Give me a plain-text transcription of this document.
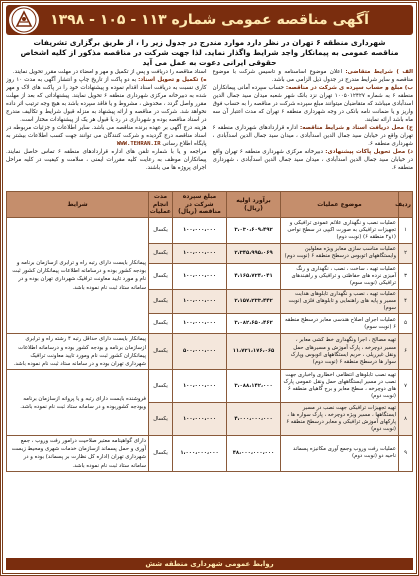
آگهی مناقصه عمومی شماره ۱۱۳ - ۱۰۵ - ۱۳۹۸
شهرداری منطقه ۶ تهران در نظر دارد موارد مندرج در جدول زیر را ، از طریق برگزاری تشریفات
مناقصه عمومی به پیمانکار واجد شرایط واگذار نماید. لذا جهت شرکت در مناقصه مذکور از کلیه اشخاص حقوقی ایرانی دعوت به عمل می آید

الف ) شرایط متقاضی: اعلان موضوع اساسنامه و تاسیس شرکت با موضوع مناقصه و سایر شرایط مندرج در جدول ذیل الزامی می باشد.

ب) مبلغ و حساب سپرده ی شرکت در مناقصه: حساب سپرده آمانی پیمانکاران منطقه ۶ به شماره ۱۰۰۵۰۱۲۴۲۷ تهران نزد بانک شهر شعبه میدان سید جمال الدین اسدآبادی میباشد که متقاضیان میتوانند مبلغ سپرده شرکت در مناقصه را به حساب فوق واریز و یا ضمانت نامه بانکی در وجه شهرداری منطقه ۶ تهران که مدت اعتبار آن سه ماه باشد ارائه نمایند.

ج) محل دریافت اسناد و شرایط مناقصه: اداره قراردادهای شهرداری منطقه ۶ تهران واقع در خیابان سید جمال الدین اسدآبادی ، میدان سید جمال الدین اسدآبادی ، شهرداری منطقه ۶.

د) محل تحویل پاکات پیشنهادی: دبیرخانه مرکزی شهرداری منطقه ۶ تهران واقع در خیابان سید جمال الدین اسدآبادی ، میدان سید جمال الدین اسدآبادی ، شهرداری منطقه ۶.

اسناد مناقصه را دریافت و پس از تکمیل و مهر و امضاء در مهلت مقرر تحویل نمایند.

ه) تکمیل و تحویل اسناد: به دو پاکت از تاریخ چاپ و انتشار آگهی به مدت ۱۰ روز کاری نسبت به دریافت اسناد اقدام نموده و پیشنهادات خود را در پاکت های لاک و مهر شده به دبیرخانه مرکزی شهرداری منطقه ۶ تحویل نمایند. پیشنهاداتی که بعد از مهلت مقرر واصل گردد ، مخدوش ، مشروط و یا فاقد سپرده باشد به هیچ وجه ترتیب اثر داده نخواهد شد. شرکت در مناقصه و ارائه پیشنهاد به منزله قبول شرایط و تکالیف مندرج در اسناد مناقصه بوده و شهرداری در رد یا قبول هر یک از پیشنهادات مختار است.

هزینه درج آگهی بر عهده برنده مناقصه می باشد. سایر اطلاعات و جزئیات مربوطه در اسناد مناقصه درج گردیده و شرکت کنندگان می توانند جهت کسب اطلاعات بیشتر به پایگاه اطلاع رسانی WWW.TEHRAN.IR

مراجعه و یا با شماره تلفن های اداره قراردادهای منطقه ۶ تماس حاصل نمایند. پیمانکاران موظف به رعایت کلیه مقررات ایمنی ، سلامت و کیفیت در کلیه مراحل اجرای پروژه ها می باشند.

ردیف	موضوع عملیات	برآورد اولیه (ریال)	مبلغ سپرده شرکت در مناقصه (ریال)	مدت انجام عملیات	شرایط
۱	عملیات نصب و نگهداری علائم عمودی ترافیکی و تجهیزات ترافیکی به صورت اکیپی در سطح نواحی (۱و۲ منطقه ۶) (نوبت دوم)	۳،۰۳۰،۶۰۹،۴۹۲	۱۰۰،۰۰۰،۰۰۰	یکسال	پیمانکار بایست دارای رتبه راه و ترابری ازسازمان برنامه و بودجه کشور بوده و درسامانه اطلاعات پیمانکاران کشور ثبت نام و مورد تایید معاونت ترافیک شهرداری تهران بوده و در سامانه ستاد ثبت نام نموده باشد.
۲	عملیات مناسب سازی معابر ویژه معلولین وایستگاههای اتوبوس درسطح منطقه ۶ (نوبت دوم)	۲،۳۴۵،۹۹۵،۰۶۹	۱۰۰،۰۰۰،۰۰۰	یکسال	
۳	عملیات تهیه ، ساخت ، نصب ، نگهداری و رنگ آمیزی نرده های حفاظتی و ترافیکی و راهبندهای ترافیکی (نوبت سوم)	۴،۱۶۵،۷۲۴،۰۴۱	۱۰۰،۰۰۰،۰۰۰	یکسال	
۴	عملیات تهیه ، نصب و نگهداری تابلوهای هدایت مسیر و پایه های راهنمایی و تابلوهای فلزی (نوبت سوم)	۲،۱۵۷،۲۳۳،۴۴۲	۱۰۰،۰۰۰،۰۰۰	یکسال	
۵	عملیات اجرای اصلاح هندسی معابر درسطح منطقه ۶ (نوبت سوم)	۳،۰۸۲،۶۵۰،۴۶۲	۱۰۰،۰۰۰،۰۰۰	یکسال	
۶	تهیه مصالح ، اجرا ونگهداری خط کشی معابر ، مسیر دوچرخه ، پارک آموزش و مسیرهای حمل ونقل غیرریلی ، حریم ایستگاههای اتوبوس وپارک سوار ها درسطح منطقه ۶ (نوبت دوم)	۱۱،۷۲۱،۱۷۶،۰۶۵	۵۰۰،۰۰۰،۰۰۰	یکسال	پیمانکار بایست دارای حداقل رتبه ۴ رشته راه و ترابری ازسازمان برنامه و بودجه کشور بوده و درسامانه اطلاعات پیمانکاران کشور ثبت نام ومورد تایید معاونت ترافیک شهرداری تهران بوده و در سامانه ستاد ثبت نام نموده باشد.
۷	تهیه نصب تابلوهای انتظامی اخطاری واخباری جهت نصب در مسیر ایستگاههای حمل ونقل عمومی پارک های دوچرخه ، سطح معابر و برج گاهیای منطقه ۶ (نوبت دوم)	۳،۰۸۸،۱۴۲،۰۰۰	۱۰۰،۰۰۰،۰۰۰	یکسال	فروشنده بایست دارای رتبه و یا پروانه ازسازمان برنامه وبودجه کشوربوده و در سامانه ستاد ثبت نام نموده باشد.
۸	تهیه تجهیزات ترافیکی جهت نصب در مسیر ایستگاهها ، مسیر ویژه دوچرخه ، پارک سواره ها ، پارکهای آموزش ترافیکی و معابر درسطح منطقه ۶ (نوبت دوم)	۴،۰۰۰،۰۰۰،۰۰۰	۱۰۰،۰۰۰،۰۰۰	یکسال	
۹	عملیات رفت وروب وجمع آوری مکانیزه پسماند ناحیه دو (نوبت دوم)	۴۸،۰۰۰،۰۰۰،۰۰۰	۱،۰۰۰،۰۰۰،۰۰۰	یکسال	دارای گواهینامه معتبر صلاحیت درامور رفت وروب ، جمع آوری و حمل پسماند ازسازمان خدمات شهری ومحیط زیست شهرداری تهران (اداره کل نظارت بر پسماند) بوده و در سامانه ستاد ثبت نام نموده باشد.
روابط عمومی شهرداری منطقه شش
